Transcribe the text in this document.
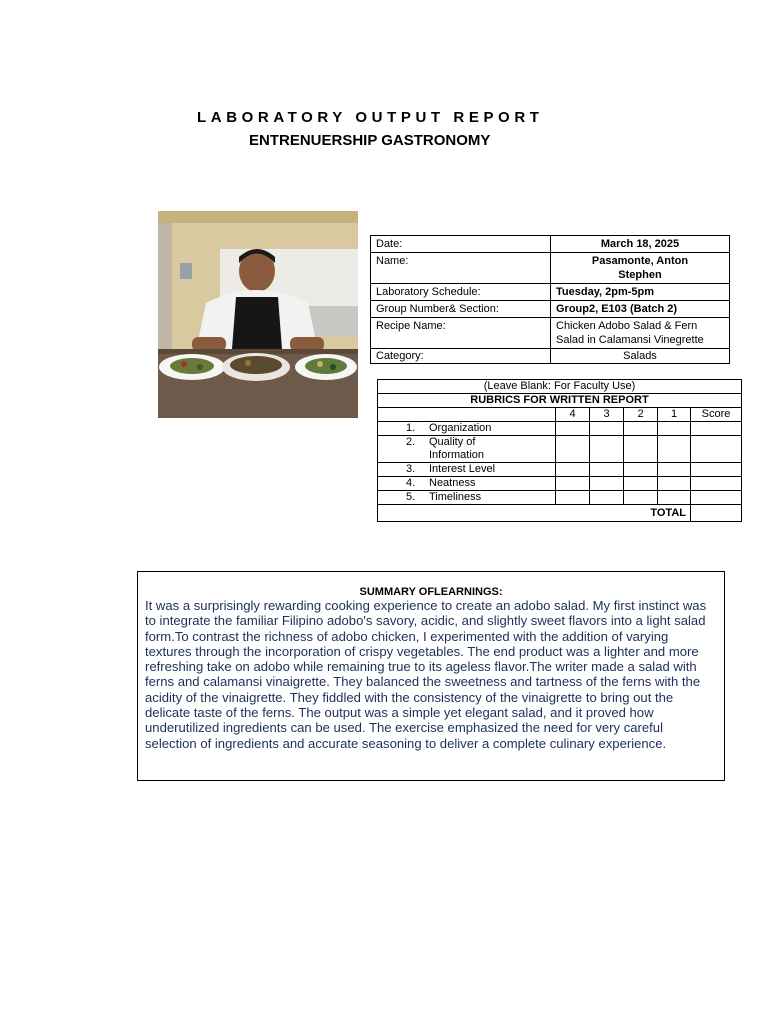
LABORATORY OUTPUT REPORT
ENTRENUERSHIP GASTRONOMY
Date:	March 18, 2025
Name:	Pasamonte, Anton Stephen
Laboratory Schedule:	Tuesday, 2pm-5pm
Group Number& Section:	Group2, E103 (Batch 2)
Recipe Name:	Chicken Adobo Salad & Fern Salad in Calamansi Vinegrette
Category:	Salads
(Leave Blank: For Faculty Use)					
RUBRICS FOR WRITTEN REPORT					
	4	3	2	1	Score
1. Organization					
2. Quality of Information					
3. Interest Level					
4. Neatness					
5. Timeliness					
TOTAL					
SUMMARY OFLEARNINGS:
It was a surprisingly rewarding cooking experience to create an adobo salad. My first instinct was to integrate the familiar Filipino adobo's savory, acidic, and slightly sweet flavors into a light salad form.To contrast the richness of adobo chicken, I experimented with the addition of varying textures through the incorporation of crispy vegetables. The end product was a lighter and more refreshing take on adobo while remaining true to its ageless flavor.The writer made a salad with ferns and calamansi vinaigrette. They balanced the sweetness and tartness of the ferns with the acidity of the vinaigrette. They fiddled with the consistency of the vinaigrette to bring out the delicate taste of the ferns. The output was a simple yet elegant salad, and it proved how underutilized ingredients can be used. The exercise emphasized the need for very careful selection of ingredients and accurate seasoning to deliver a complete culinary experience.
